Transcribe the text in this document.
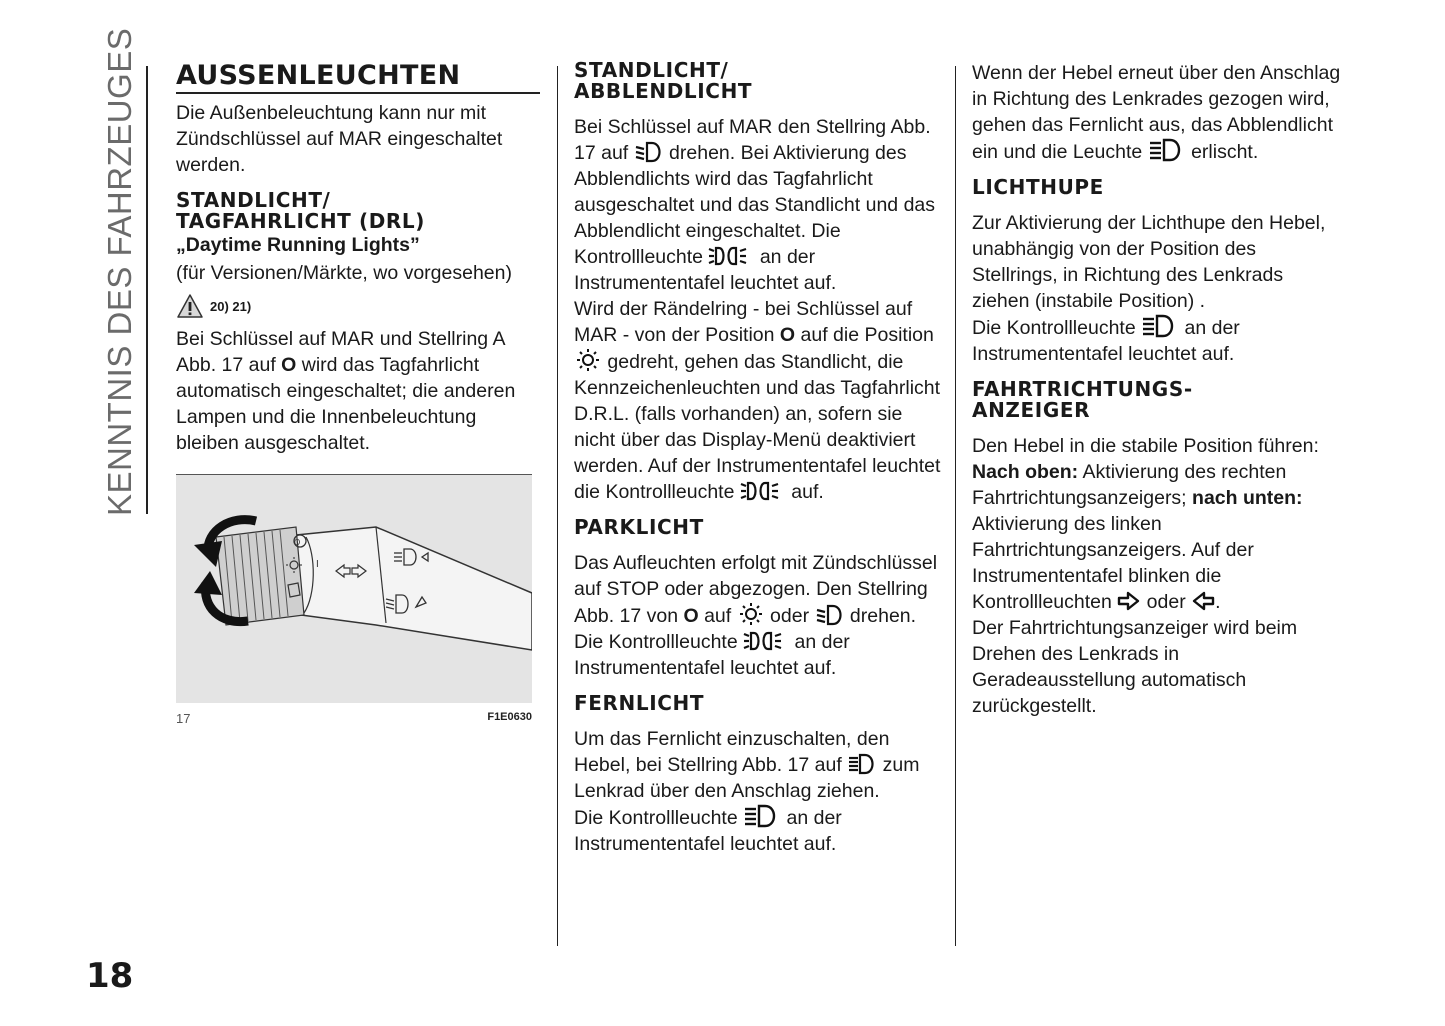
KENNTNIS DES FAHRZEUGES AUSSENLEUCHTEN

Die Außenbeleuchtung kann nur mit Zündschlüssel auf MAR eingeschaltet werden.

STANDLICHT/
TAGFAHRLICHT (DRL)

„Daytime Running Lights”

(für Versionen/Märkte, wo vorgesehen)

20) 21)

Bei Schlüssel auf MAR und Stellring A Abb. 17 auf O wird das Tagfahrlicht automatisch eingeschaltet; die anderen Lampen und die Innenbeleuchtung bleiben ausgeschaltet.

O
I
17	F1E0630
STANDLICHT/
ABBLENDLICHT

Bei Schlüssel auf MAR den Stellring Abb. 17 auf  drehen. Bei Aktivierung des Abblendlichts wird das Tagfahrlicht ausgeschaltet und das Standlicht und das Abblendlicht eingeschaltet. Die Kontrollleuchte  an der Instrumententafel leuchtet auf.

Wird der Rändelring - bei Schlüssel auf MAR - von der Position O auf die Position  gedreht, gehen das Standlicht, die Kennzeichenleuchten und das Tagfahrlicht D.R.L. (falls vorhanden) an, sofern sie nicht über das Display-Menü deaktiviert werden. Auf der Instrumententafel leuchtet die Kontrollleuchte  auf.

PARKLICHT

Das Aufleuchten erfolgt mit Zündschlüssel auf STOP oder abgezogen. Den Stellring Abb. 17 von O auf  oder  drehen. Die Kontrollleuchte  an der Instrumententafel leuchtet auf.

FERNLICHT

Um das Fernlicht einzuschalten, den Hebel, bei Stellring Abb. 17 auf  zum Lenkrad über den Anschlag ziehen.

Die Kontrollleuchte  an der Instrumententafel leuchtet auf.

Wenn der Hebel erneut über den Anschlag in Richtung des Lenkrades gezogen wird, gehen das Fernlicht aus, das Abblendlicht ein und die Leuchte  erlischt.

LICHTHUPE

Zur Aktivierung der Lichthupe den Hebel, unabhängig von der Position des Stellrings, in Richtung des Lenkrads ziehen (instabile Position) .

Die Kontrollleuchte  an der Instrumententafel leuchtet auf.

FAHRTRICHTUNGS-
ANZEIGER

Den Hebel in die stabile Position führen: Nach oben: Aktivierung des rechten Fahrtrichtungsanzeigers; nach unten: Aktivierung des linken Fahrtrichtungsanzeigers. Auf der Instrumententafel blinken die Kontrollleuchten  oder .

Der Fahrtrichtungsanzeiger wird beim Drehen des Lenkrads in Geradeausstellung automatisch zurückgestellt.

18
